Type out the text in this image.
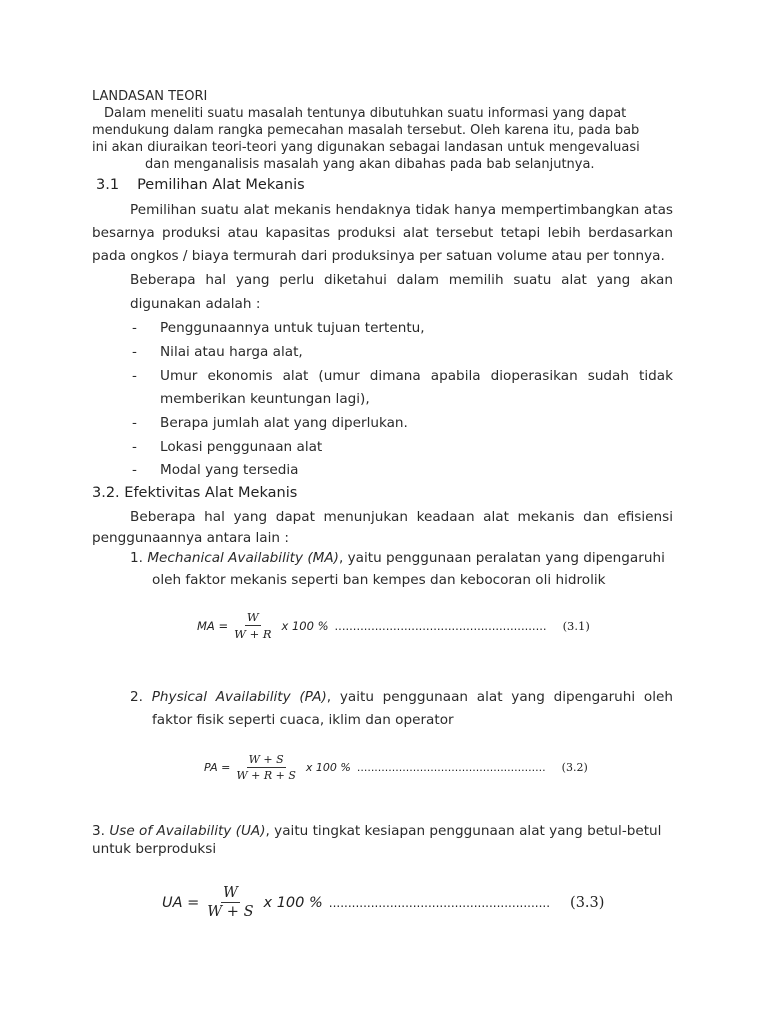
LANDASAN TEORI
Dalam meneliti suatu masalah tentunya dibutuhkan suatu informasi yang dapat
mendukung dalam rangka pemecahan masalah tersebut. Oleh karena itu, pada bab
ini akan diuraikan teori-teori yang digunakan sebagai landasan untuk mengevaluasi
dan menganalisis masalah yang akan dibahas pada bab selanjutnya.
3.1 Pemilihan Alat Mekanis
Pemilihan suatu alat mekanis hendaknya tidak hanya mempertimbangkan atas
besarnya produksi atau kapasitas produksi alat tersebut tetapi lebih berdasarkan
pada ongkos / biaya termurah dari produksinya per satuan volume atau per tonnya.
Beberapa hal yang perlu diketahui dalam memilih suatu alat yang akan
digunakan adalah :
- Penggunaannya untuk tujuan tertentu,
- Nilai atau harga alat,
- Umur ekonomis alat (umur dimana apabila dioperasikan sudah tidak
memberikan keuntungan lagi),
- Berapa jumlah alat yang diperlukan.
- Lokasi penggunaan alat
- Modal yang tersedia
3.2. Efektivitas Alat Mekanis
Beberapa hal yang dapat menunjukan keadaan alat mekanis dan efisiensi
penggunaannya antara lain :
1. Mechanical Availability (MA), yaitu penggunaan peralatan yang dipengaruhi
oleh faktor mekanis seperti ban kempes dan kebocoran oli hidrolik
MA = $\frac{W}{W + R}$ x 100 % .......................................................... (3.1)
2. Physical Availability (PA), yaitu penggunaan alat yang dipengaruhi oleh
faktor fisik seperti cuaca, iklim dan operator
PA = $\frac{W + S}{W + R + S}$ x 100 % ...................................................... (3.2)
3. Use of Availability (UA), yaitu tingkat kesiapan penggunaan alat yang betul-betul
untuk berproduksi
UA = $\frac{W}{W + S}$ x 100 % .......................................................... (3.3)
